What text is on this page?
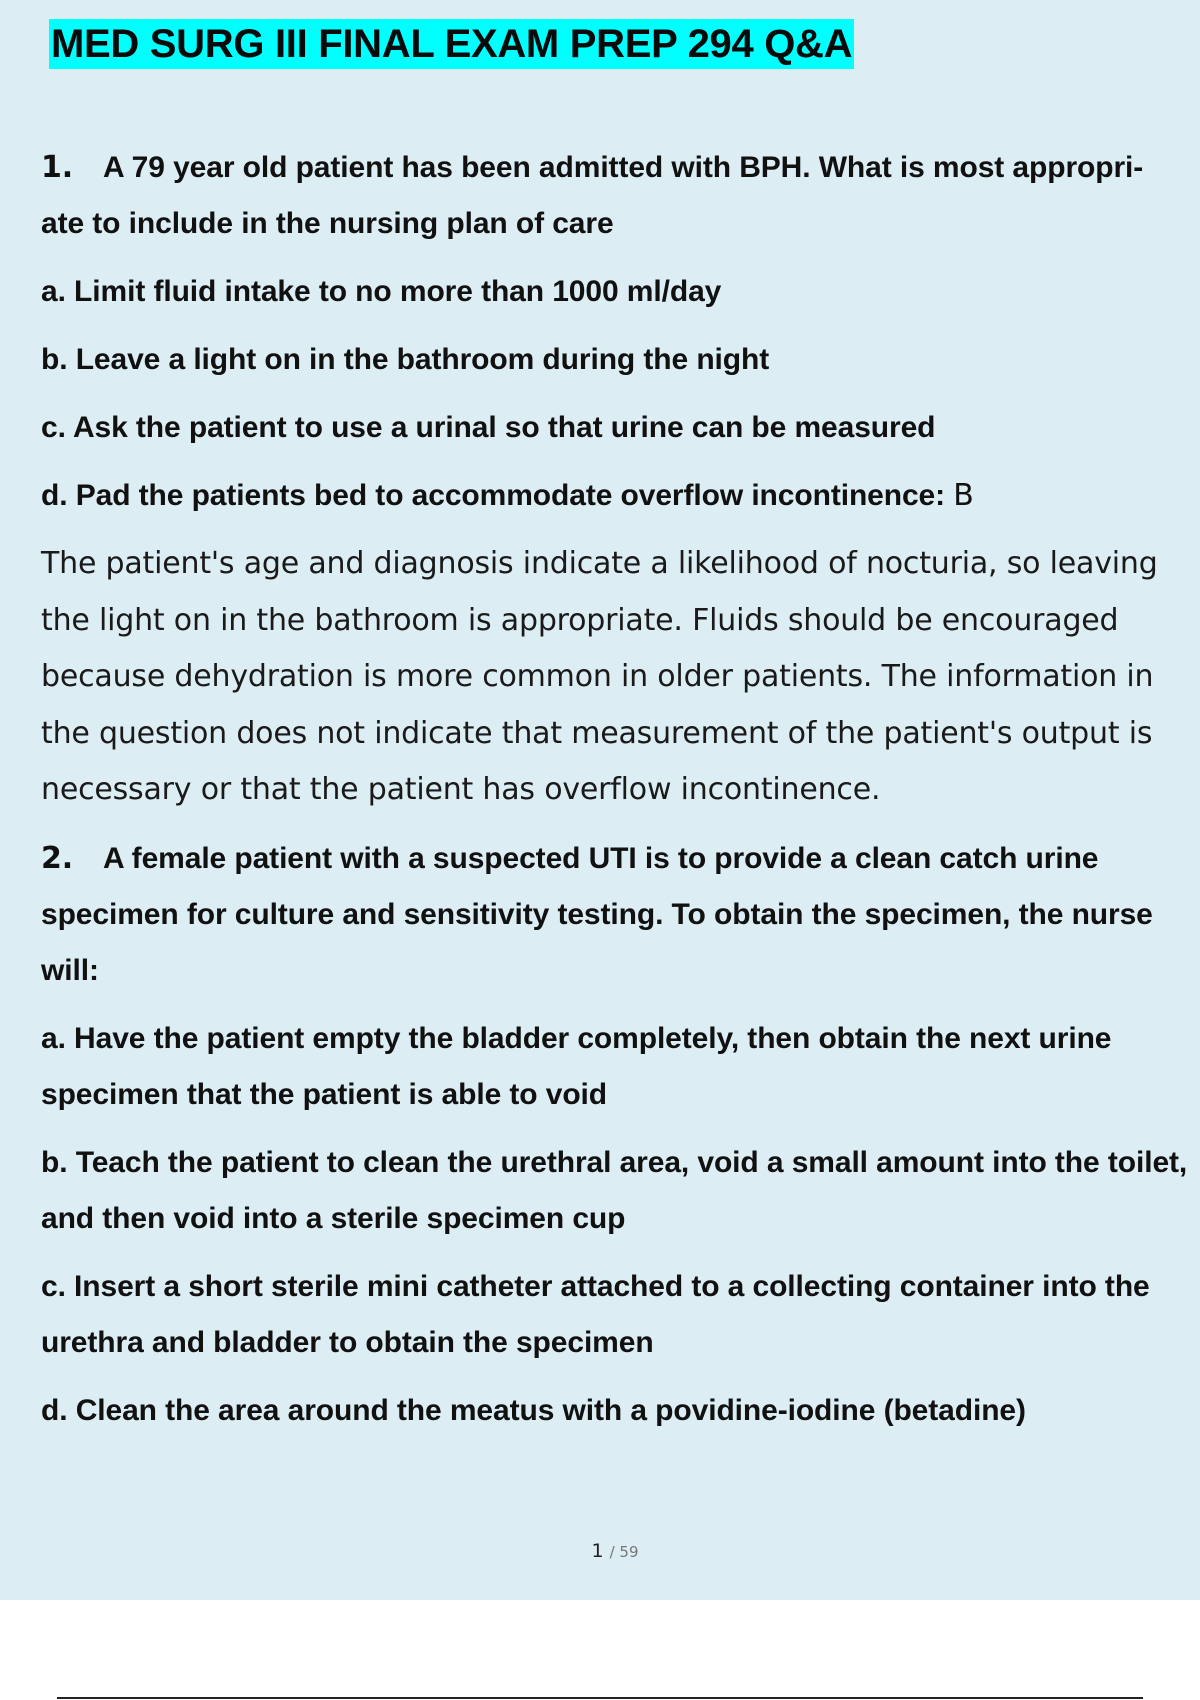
MED SURG III FINAL EXAM PREP 294 Q&A

1. A 79 year old patient has been admitted with BPH. What is most appropri- ate to include in the nursing plan of care

a. Limit fluid intake to no more than 1000 ml/day

b. Leave a light on in the bathroom during the night

c. Ask the patient to use a urinal so that urine can be measured

d. Pad the patients bed to accommodate overflow incontinence: B

The patient's age and diagnosis indicate a likelihood of nocturia, so leaving the light on in the bathroom is appropriate. Fluids should be encouraged because dehydration is more common in older patients. The information in the question does not indicate that measurement of the patient's output is necessary or that the patient has overflow incontinence.

2. A female patient with a suspected UTI is to provide a clean catch urine specimen for culture and sensitivity testing. To obtain the specimen, the nurse will:

a. Have the patient empty the bladder completely, then obtain the next urine specimen that the patient is able to void

b. Teach the patient to clean the urethral area, void a small amount into the toilet, and then void into a sterile specimen cup

c. Insert a short sterile mini catheter attached to a collecting container into the urethra and bladder to obtain the specimen

d. Clean the area around the meatus with a povidine-iodine (betadine)

1 / 59
